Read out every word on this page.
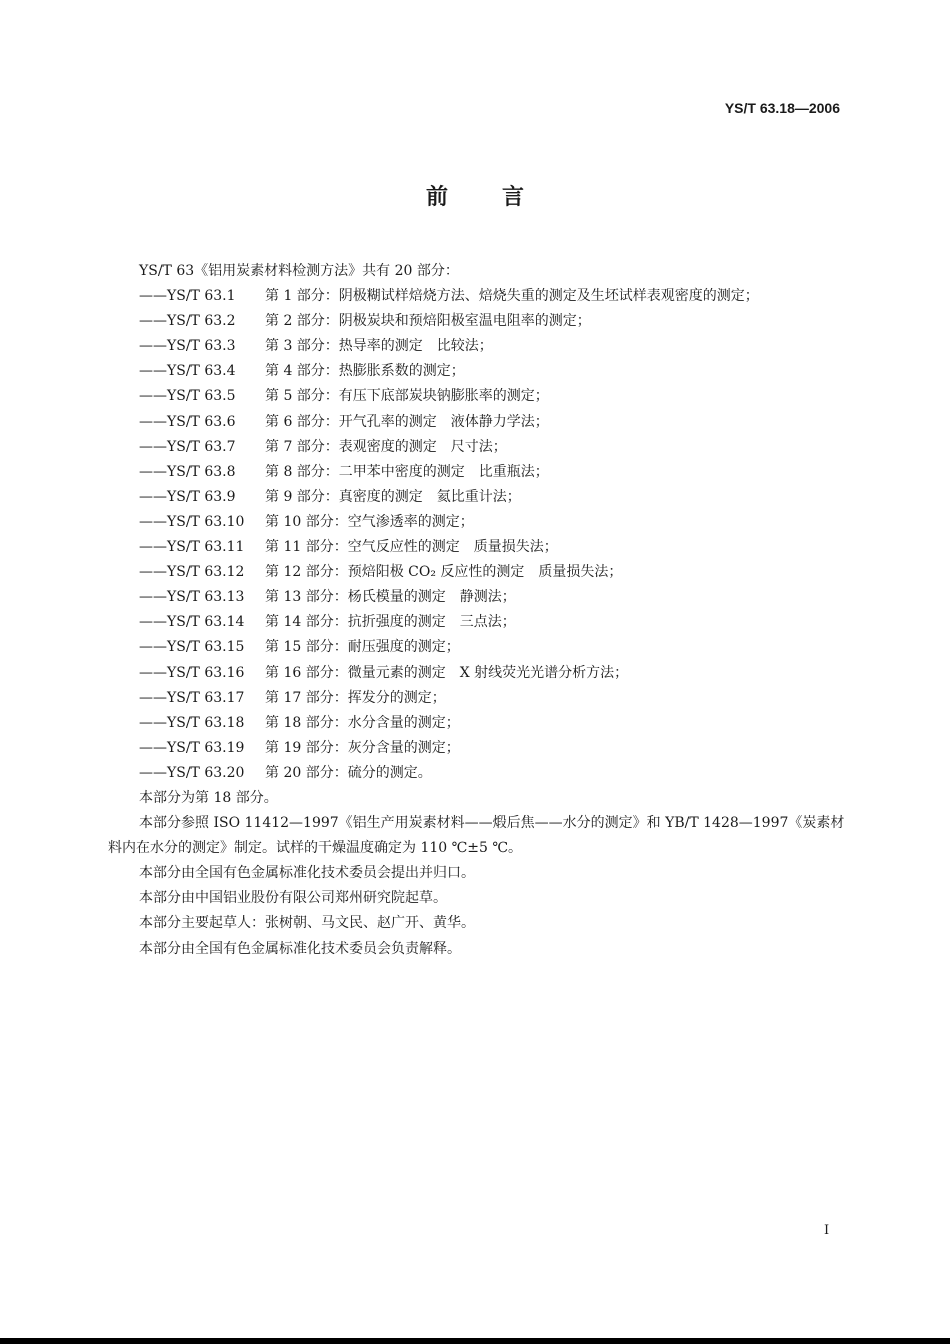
YS/T 63.18—2006
前 言
YS/T 63《铝用炭素材料检测方法》共有 20 部分：
——YS/T 63.1 第 1 部分：阴极糊试样焙烧方法、焙烧失重的测定及生坯试样表观密度的测定；
——YS/T 63.2 第 2 部分：阴极炭块和预焙阳极室温电阻率的测定；
——YS/T 63.3 第 3 部分：热导率的测定　比较法；
——YS/T 63.4 第 4 部分：热膨胀系数的测定；
——YS/T 63.5 第 5 部分：有压下底部炭块钠膨胀率的测定；
——YS/T 63.6 第 6 部分：开气孔率的测定　液体静力学法；
——YS/T 63.7 第 7 部分：表观密度的测定　尺寸法；
——YS/T 63.8 第 8 部分：二甲苯中密度的测定　比重瓶法；
——YS/T 63.9 第 9 部分：真密度的测定　氦比重计法；
——YS/T 63.10 第 10 部分：空气渗透率的测定；
——YS/T 63.11 第 11 部分：空气反应性的测定　质量损失法；
——YS/T 63.12 第 12 部分：预焙阳极 CO₂ 反应性的测定　质量损失法；
——YS/T 63.13 第 13 部分：杨氏模量的测定　静测法；
——YS/T 63.14 第 14 部分：抗折强度的测定　三点法；
——YS/T 63.15 第 15 部分：耐压强度的测定；
——YS/T 63.16 第 16 部分：微量元素的测定　X 射线荧光光谱分析方法；
——YS/T 63.17 第 17 部分：挥发分的测定；
——YS/T 63.18 第 18 部分：水分含量的测定；
——YS/T 63.19 第 19 部分：灰分含量的测定；
——YS/T 63.20 第 20 部分：硫分的测定。
本部分为第 18 部分。
本部分参照 ISO 11412—1997《铝生产用炭素材料——煅后焦——水分的测定》和 YB/T 1428—1997《炭素材料内在水分的测定》制定。试样的干燥温度确定为 110 ℃±5 ℃。
本部分由全国有色金属标准化技术委员会提出并归口。
本部分由中国铝业股份有限公司郑州研究院起草。
本部分主要起草人：张树朝、马文民、赵广开、黄华。
本部分由全国有色金属标准化技术委员会负责解释。
I
